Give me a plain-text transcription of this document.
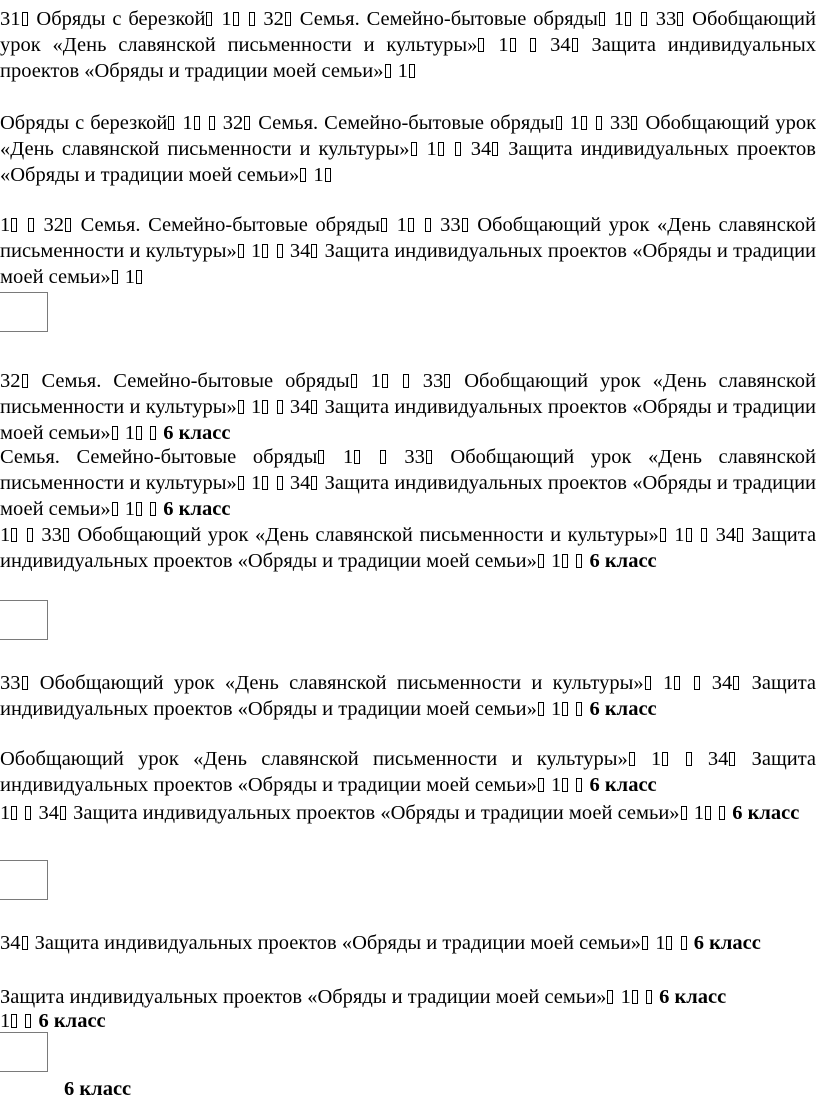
31 Обряды с березкой 1  32 Семья. Семейно-бытовые обряды 1  33 Обобщающий урок «День славянской письменности и культуры» 1  34 Защита индивидуальных проектов «Обряды и традиции моей семьи» 1

Обряды с березкой 1  32 Семья. Семейно-бытовые обряды 1  33 Обобщающий урок «День славянской письменности и культуры» 1  34 Защита индивидуальных проектов «Обряды и традиции моей семьи» 1

1  32 Семья. Семейно-бытовые обряды 1  33 Обобщающий урок «День славянской письменности и культуры» 1  34 Защита индивидуальных проектов «Обряды и традиции моей семьи» 1

32 Семья. Семейно-бытовые обряды 1  33 Обобщающий урок «День славянской письменности и культуры» 1  34 Защита индивидуальных проектов «Обряды и традиции моей семьи» 1 6 класс

Семья. Семейно-бытовые обряды 1  33 Обобщающий урок «День славянской письменности и культуры» 1  34 Защита индивидуальных проектов «Обряды и традиции моей семьи» 1 6 класс

1  33 Обобщающий урок «День славянской письменности и культуры» 1  34 Защита индивидуальных проектов «Обряды и традиции моей семьи» 1 6 класс

33 Обобщающий урок «День славянской письменности и культуры» 1  34 Защита индивидуальных проектов «Обряды и традиции моей семьи» 1 6 класс

Обобщающий урок «День славянской письменности и культуры» 1  34 Защита индивидуальных проектов «Обряды и традиции моей семьи» 1 6 класс

1  34 Защита индивидуальных проектов «Обряды и традиции моей семьи» 1 6 класс

34 Защита индивидуальных проектов «Обряды и традиции моей семьи» 1 6 класс

Защита индивидуальных проектов «Обряды и традиции моей семьи» 1 6 класс

1 6 класс

6 класс
